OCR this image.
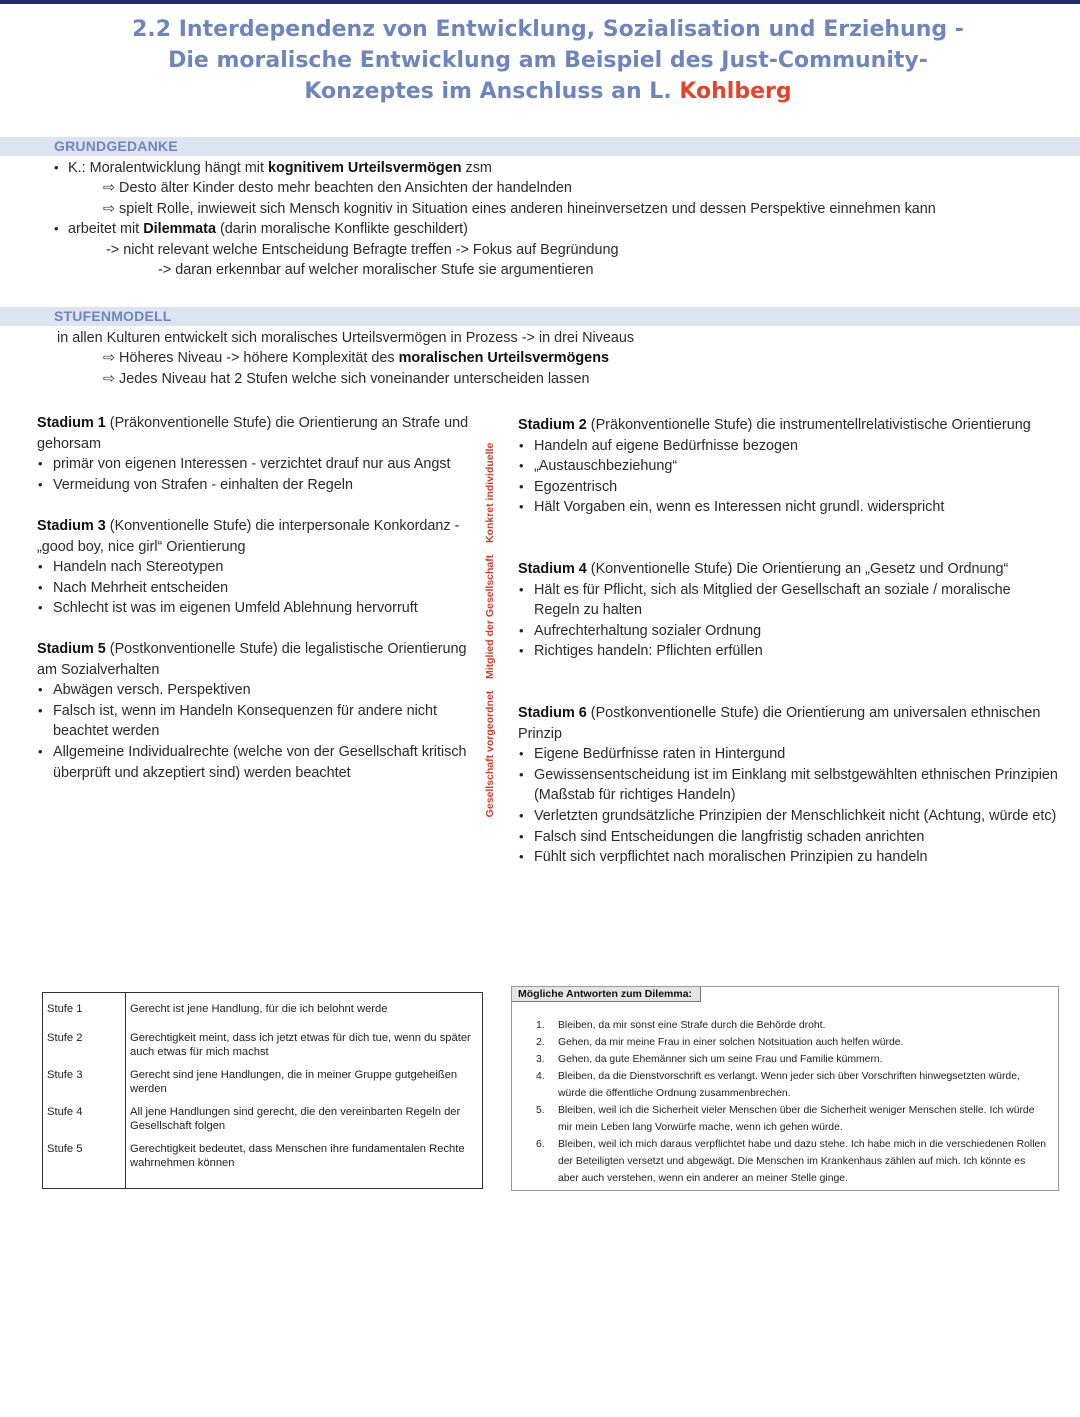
2.2 Interdependenz von Entwicklung, Sozialisation und Erziehung -
Die moralische Entwicklung am Beispiel des Just-Community-
Konzeptes im Anschluss an L. Kohlberg
GRUNDGEDANKE
• K.: Moralentwicklung hängt mit kognitivem Urteilsvermögen zsm
⇨ Desto älter Kinder desto mehr beachten den Ansichten der handelnden
⇨ spielt Rolle, inwieweit sich Mensch kognitiv in Situation eines anderen hineinversetzen und dessen Perspektive einnehmen kann
• arbeitet mit Dilemmata (darin moralische Konflikte geschildert)
-> nicht relevant welche Entscheidung Befragte treffen -> Fokus auf Begründung
-> daran erkennbar auf welcher moralischer Stufe sie argumentieren
STUFENMODELL
in allen Kulturen entwickelt sich moralisches Urteilsvermögen in Prozess -> in drei Niveaus
⇨ Höheres Niveau -> höhere Komplexität des moralischen Urteilsvermögens
⇨ Jedes Niveau hat 2 Stufen welche sich voneinander unterscheiden lassen

Stadium 1 (Präkonventionelle Stufe) die Orientierung an Strafe und gehorsam

• primär von eigenen Interessen - verzichtet drauf nur aus Angst
• Vermeidung von Strafen - einhalten der Regeln

Stadium 3 (Konventionelle Stufe) die interpersonale Konkordanz - „good boy, nice girl“ Orientierung

• Handeln nach Stereotypen
• Nach Mehrheit entscheiden
• Schlecht ist was im eigenen Umfeld Ablehnung hervorruft

Stadium 5 (Postkonventionelle Stufe) die legalistische Orientierung am Sozialverhalten

• Abwägen versch. Perspektiven
• Falsch ist, wenn im Handeln Konsequenzen für andere nicht beachtet werden
• Allgemeine Individualrechte (welche von der Gesellschaft kritisch überprüft und akzeptiert sind) werden beachtet	Gesellschaft vorgeordnet    Mitglied der Gesellschaft    Konkret individuelle

Stadium 2 (Präkonventionelle Stufe) die instrumentellrelativistische Orientierung

• Handeln auf eigene Bedürfnisse bezogen
• „Austauschbeziehung“
• Egozentrisch
• Hält Vorgaben ein, wenn es Interessen nicht grundl. widerspricht

Stadium 4 (Konventionelle Stufe) Die Orientierung an „Gesetz und Ordnung“

• Hält es für Pflicht, sich als Mitglied der Gesellschaft an soziale / moralische Regeln zu halten
• Aufrechterhaltung sozialer Ordnung
• Richtiges handeln: Pflichten erfüllen

Stadium 6 (Postkonventionelle Stufe) die Orientierung am universalen ethnischen Prinzip

• Eigene Bedürfnisse raten in Hintergund
• Gewissensentscheidung ist im Einklang mit selbstgewählten ethnischen Prinzipien (Maßstab für richtiges Handeln)
• Verletzten grundsätzliche Prinzipien der Menschlichkeit nicht (Achtung, würde etc)
• Falsch sind Entscheidungen die langfristig schaden anrichten
• Fühlt sich verpflichtet nach moralischen Prinzipien zu handeln
Stufe 1	Gerecht ist jene Handlung, für die ich belohnt werde
Stufe 2	Gerechtigkeit meint, dass ich jetzt etwas für dich tue, wenn du später auch etwas für mich machst
Stufe 3	Gerecht sind jene Handlungen, die in meiner Gruppe gutgeheißen werden
Stufe 4	All jene Handlungen sind gerecht, die den vereinbarten Regeln der Gesellschaft folgen
Stufe 5	Gerechtigkeit bedeutet, dass Menschen ihre fundamentalen Rechte wahrnehmen können
Mögliche Antworten zum Dilemma:
1. Bleiben, da mir sonst eine Strafe durch die Behörde droht.
2. Gehen, da mir meine Frau in einer solchen Notsituation auch helfen würde.
3. Gehen, da gute Ehemänner sich um seine Frau und Familie kümmern.
4. Bleiben, da die Dienstvorschrift es verlangt. Wenn jeder sich über Vorschriften hinwegsetzten würde, würde die öffentliche Ordnung zusammenbrechen.
5. Bleiben, weil ich die Sicherheit vieler Menschen über die Sicherheit weniger Menschen stelle. Ich würde mir mein Leben lang Vorwürfe mache, wenn ich gehen würde.
6. Bleiben, weil ich mich daraus verpflichtet habe und dazu stehe. Ich habe mich in die verschiedenen Rollen der Beteiligten versetzt und abgewägt. Die Menschen im Krankenhaus zählen auf mich. Ich könnte es aber auch verstehen, wenn ein anderer an meiner Stelle ginge.
